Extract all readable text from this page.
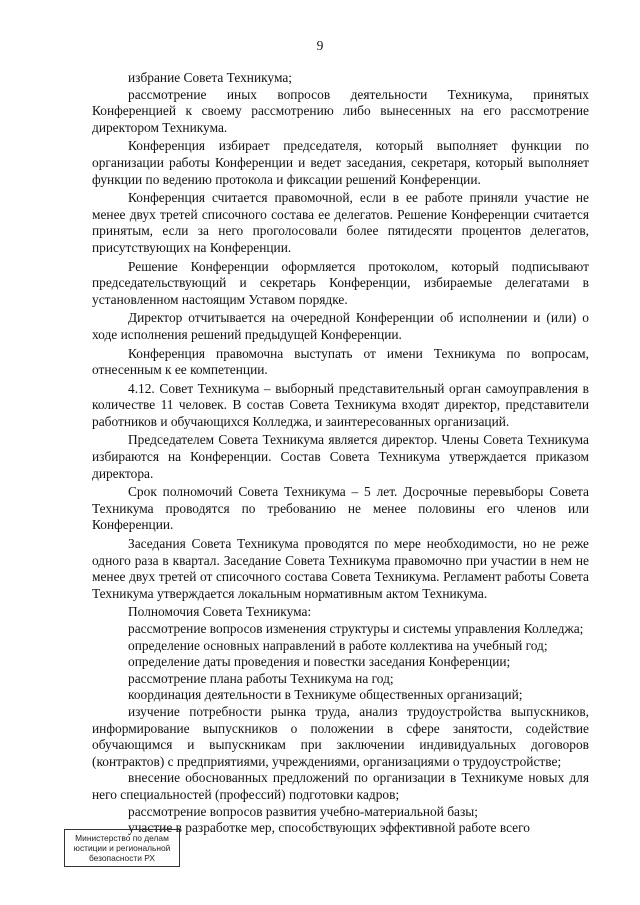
9

избрание Совета Техникума;

рассмотрение иных вопросов деятельности Техникума, принятых Конференцией к своему рассмотрению либо вынесенных на его рассмотрение директором Техникума.

Конференция избирает председателя, который выполняет функции по организации работы Конференции и ведет заседания, секретаря, который выполняет функции по ведению протокола и фиксации решений Конференции.

Конференция считается правомочной, если в ее работе приняли участие не менее двух третей списочного состава ее делегатов. Решение Конференции считается принятым, если за него проголосовали более пятидесяти процентов делегатов, присутствующих на Конференции.

Решение Конференции оформляется протоколом, который подписывают председательствующий и секретарь Конференции, избираемые делегатами в установленном настоящим Уставом порядке.

Директор отчитывается на очередной Конференции об исполнении и (или) о ходе исполнения решений предыдущей Конференции.

Конференция правомочна выступать от имени Техникума по вопросам, отнесенным к ее компетенции.

4.12. Совет Техникума – выборный представительный орган самоуправления в количестве 11 человек. В состав Совета Техникума входят директор, представители работников и обучающихся Колледжа, и заинтересованных организаций.

Председателем Совета Техникума является директор. Члены Совета Техникума избираются на Конференции. Состав Совета Техникума утверждается приказом директора.

Срок полномочий Совета Техникума – 5 лет. Досрочные перевыборы Совета Техникума проводятся по требованию не менее половины его членов или Конференции.

Заседания Совета Техникума проводятся по мере необходимости, но не реже одного раза в квартал. Заседание Совета Техникума правомочно при участии в нем не менее двух третей от списочного состава Совета Техникума. Регламент работы Совета Техникума утверждается локальным нормативным актом Техникума.

Полномочия Совета Техникума:

рассмотрение вопросов изменения структуры и системы управления Колледжа;

определение основных направлений в работе коллектива на учебный год;

определение даты проведения и повестки заседания Конференции;

рассмотрение плана работы Техникума на год;

координация деятельности в Техникуме общественных организаций;

изучение потребности рынка труда, анализ трудоустройства выпускников, информирование выпускников о положении в сфере занятости, содействие обучающимся и выпускникам при заключении индивидуальных договоров (контрактов) с предприятиями, учреждениями, организациями о трудоустройстве;

внесение обоснованных предложений по организации в Техникуме новых для него специальностей (профессий) подготовки кадров;

рассмотрение вопросов развития учебно-материальной базы;

участие в разработке мер, способствующих эффективной работе всего

Министерство по делам
юстиции и региональной
безопасности РХ
